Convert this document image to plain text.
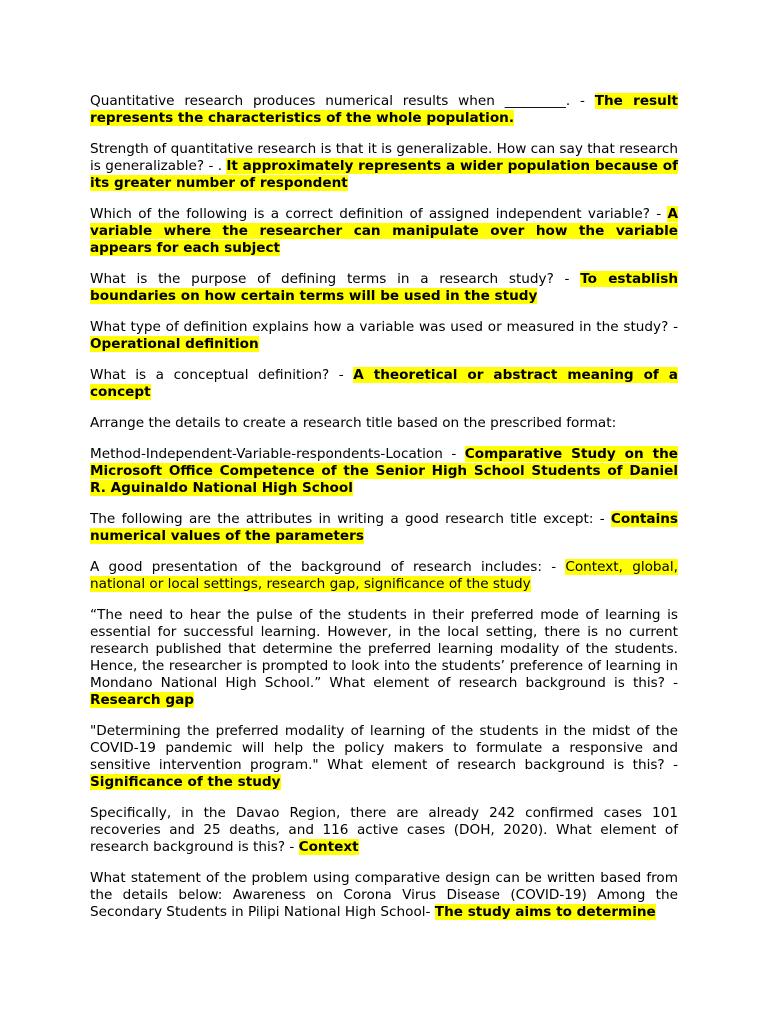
Quantitative research produces numerical results when _________. - The result represents the characteristics of the whole population.

Strength of quantitative research is that it is generalizable. How can say that research is generalizable? - . It approximately represents a wider population because of its greater number of respondent

Which of the following is a correct definition of assigned independent variable? - A variable where the researcher can manipulate over how the variable appears for each subject

What is the purpose of defining terms in a research study? - To establish boundaries on how certain terms will be used in the study

What type of definition explains how a variable was used or measured in the study? -Operational definition

What is a conceptual definition? - A theoretical or abstract meaning of a concept

Arrange the details to create a research title based on the prescribed format:

Method-Independent-Variable-respondents-Location - Comparative Study on the Microsoft Office Competence of the Senior High School Students of Daniel R. Aguinaldo National High School

The following are the attributes in writing a good research title except: - Contains numerical values of the parameters

A good presentation of the background of research includes: - Context, global, national or local settings, research gap, significance of the study

“The need to hear the pulse of the students in their preferred mode of learning is essential for successful learning. However, in the local setting, there is no current research published that determine the preferred learning modality of the students. Hence, the researcher is prompted to look into the students’ preference of learning in Mondano National High School.” What element of research background is this? - Research gap

"Determining the preferred modality of learning of the students in the midst of the COVID-19 pandemic will help the policy makers to formulate a responsive and sensitive intervention program." What element of research background is this? - Significance of the study

Specifically, in the Davao Region, there are already 242 confirmed cases 101 recoveries and 25 deaths, and 116 active cases (DOH, 2020). What element of research background is this? - Context

What statement of the problem using comparative design can be written based from the details below: Awareness on Corona Virus Disease (COVID-19) Among the Secondary Students in Pilipi National High School- The study aims to determine
